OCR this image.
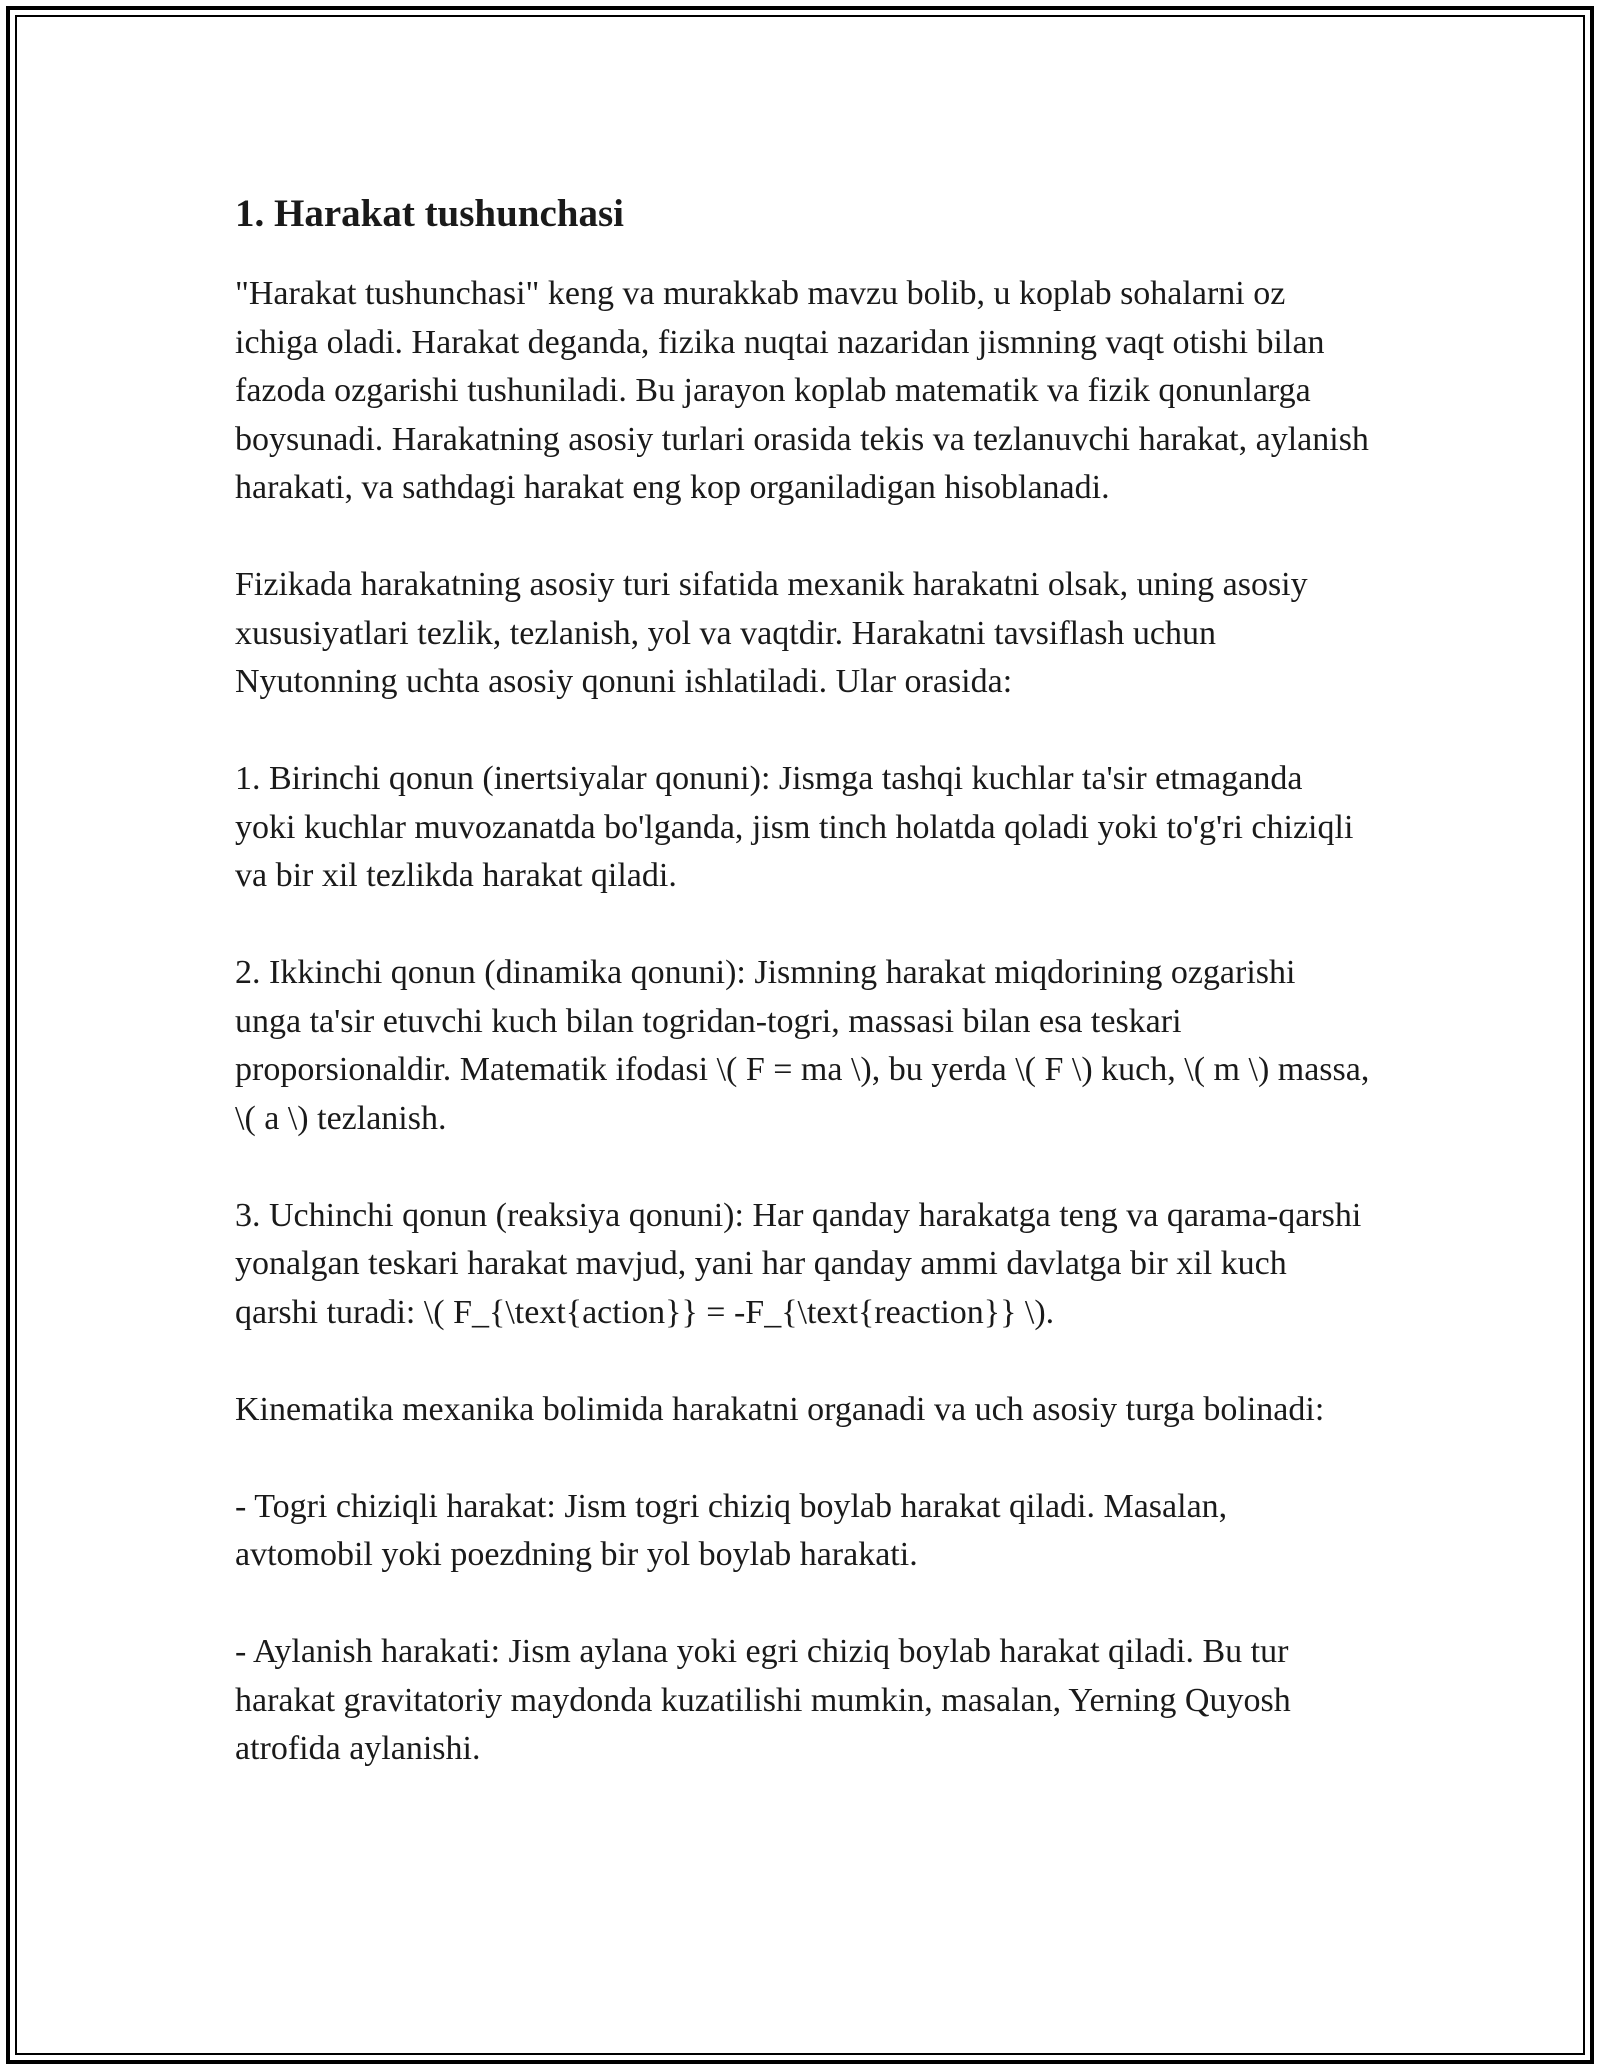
1. Harakat tushunchasi

"Harakat tushunchasi" keng va murakkab mavzu bolib, u koplab sohalarni oz ichiga oladi. Harakat deganda, fizika nuqtai nazaridan jismning vaqt otishi bilan fazoda ozgarishi tushuniladi. Bu jarayon koplab matematik va fizik qonunlarga boysunadi. Harakatning asosiy turlari orasida tekis va tezlanuvchi harakat, aylanish harakati, va sathdagi harakat eng kop organiladigan hisoblanadi.

Fizikada harakatning asosiy turi sifatida mexanik harakatni olsak, uning asosiy xususiyatlari tezlik, tezlanish, yol va vaqtdir. Harakatni tavsiflash uchun Nyutonning uchta asosiy qonuni ishlatiladi. Ular orasida:

1. Birinchi qonun (inertsiyalar qonuni): Jismga tashqi kuchlar ta'sir etmaganda yoki kuchlar muvozanatda bo'lganda, jism tinch holatda qoladi yoki to'g'ri chiziqli va bir xil tezlikda harakat qiladi.

2. Ikkinchi qonun (dinamika qonuni): Jismning harakat miqdorining ozgarishi unga ta'sir etuvchi kuch bilan togridan-togri, massasi bilan esa teskari proporsionaldir. Matematik ifodasi \( F = ma \), bu yerda \( F \) kuch, \( m \) massa, \( a \) tezlanish.

3. Uchinchi qonun (reaksiya qonuni): Har qanday harakatga teng va qarama-qarshi yonalgan teskari harakat mavjud, yani har qanday ammi davlatga bir xil kuch qarshi turadi: \( F_{\text{action}} = -F_{\text{reaction}} \).

Kinematika mexanika bolimida harakatni organadi va uch asosiy turga bolinadi:

- Togri chiziqli harakat: Jism togri chiziq boylab harakat qiladi. Masalan, avtomobil yoki poezdning bir yol boylab harakati.

- Aylanish harakati: Jism aylana yoki egri chiziq boylab harakat qiladi. Bu tur harakat gravitatoriy maydonda kuzatilishi mumkin, masalan, Yerning Quyosh atrofida aylanishi.
